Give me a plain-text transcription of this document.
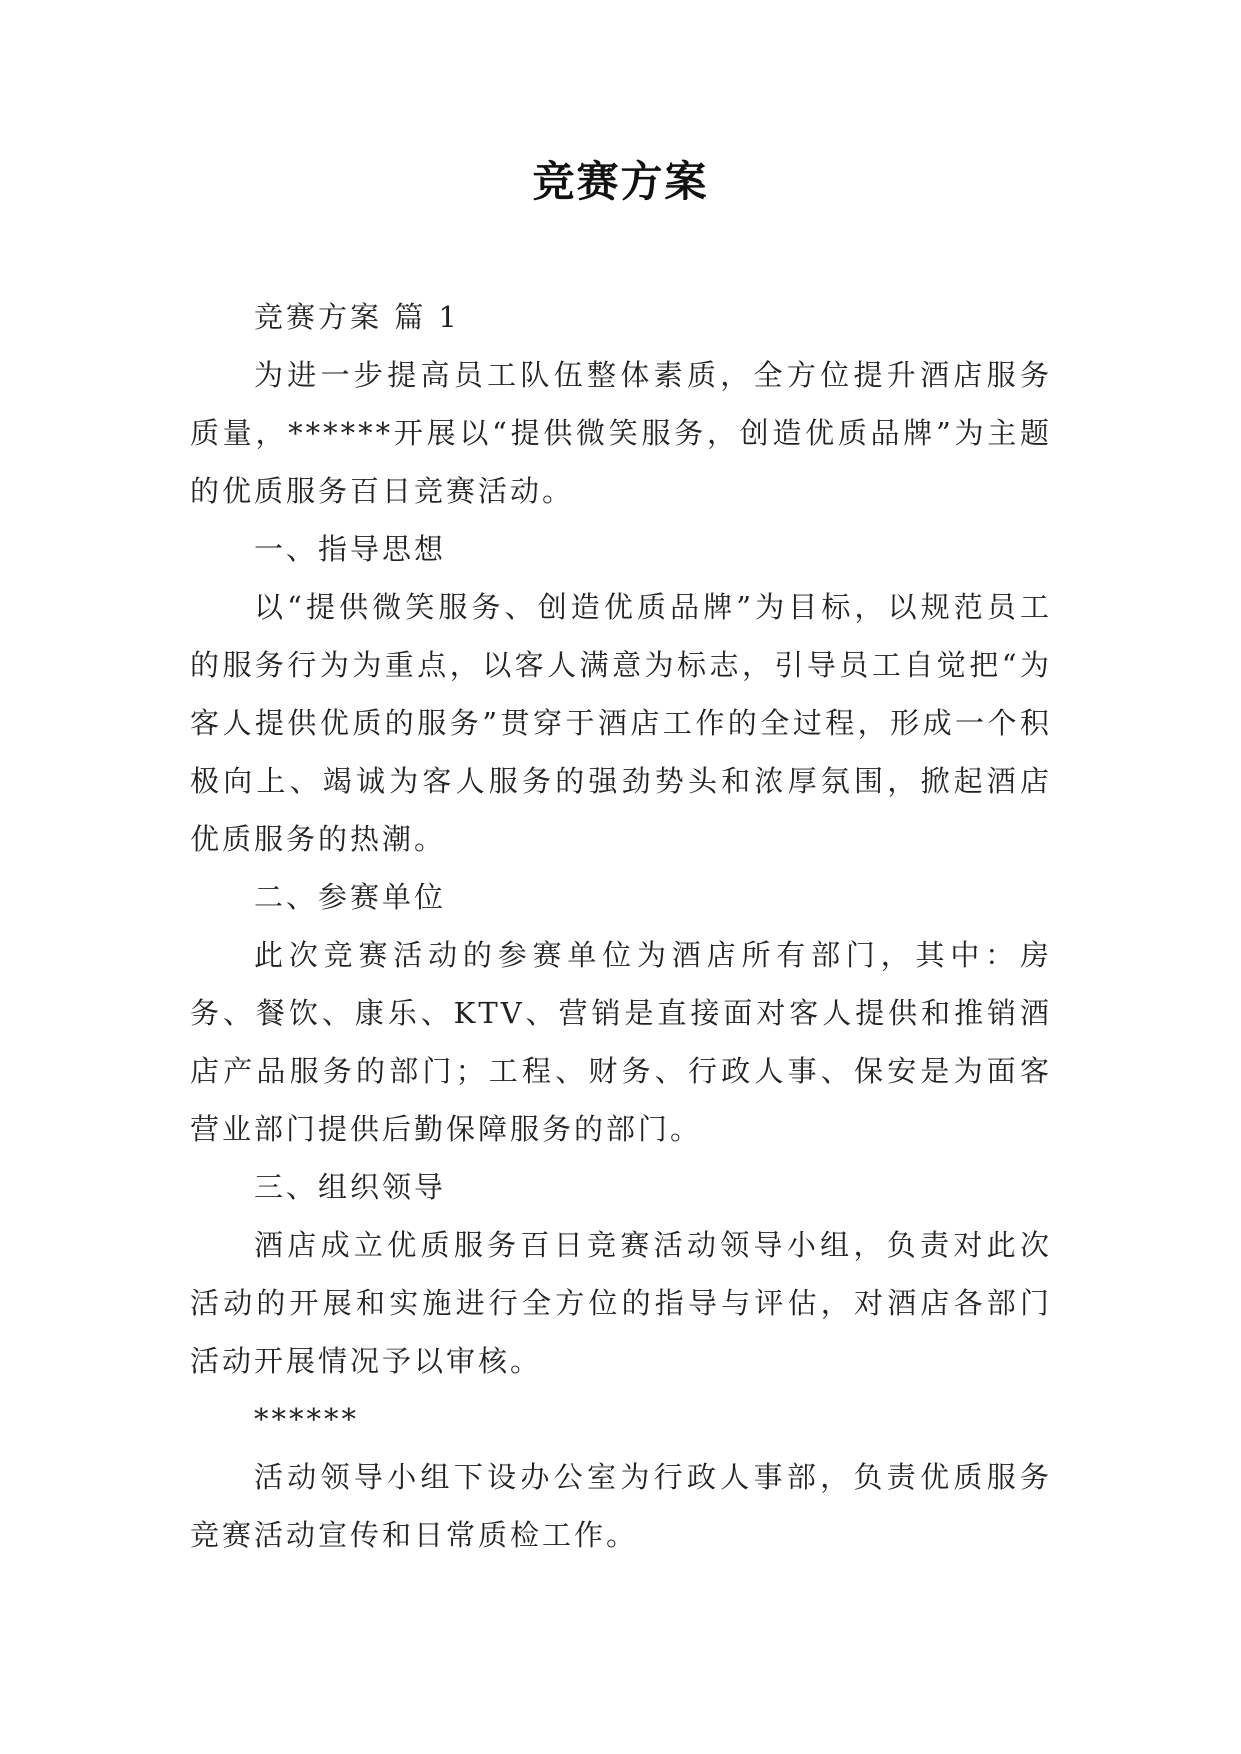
竞赛方案

竞赛方案 篇 1

为进一步提高员工队伍整体素质，全方位提升酒店服务质量，******开展以“提供微笑服务，创造优质品牌”为主题的优质服务百日竞赛活动。

一、指导思想

以“提供微笑服务、创造优质品牌”为目标，以规范员工的服务行为为重点，以客人满意为标志，引导员工自觉把“为客人提供优质的服务”贯穿于酒店工作的全过程，形成一个积极向上、竭诚为客人服务的强劲势头和浓厚氛围，掀起酒店优质服务的热潮。

二、参赛单位

此次竞赛活动的参赛单位为酒店所有部门，其中：房务、餐饮、康乐、KTV、营销是直接面对客人提供和推销酒店产品服务的部门；工程、财务、行政人事、保安是为面客营业部门提供后勤保障服务的部门。

三、组织领导

酒店成立优质服务百日竞赛活动领导小组，负责对此次活动的开展和实施进行全方位的指导与评估，对酒店各部门活动开展情况予以审核。

******

活动领导小组下设办公室为行政人事部，负责优质服务竞赛活动宣传和日常质检工作。
